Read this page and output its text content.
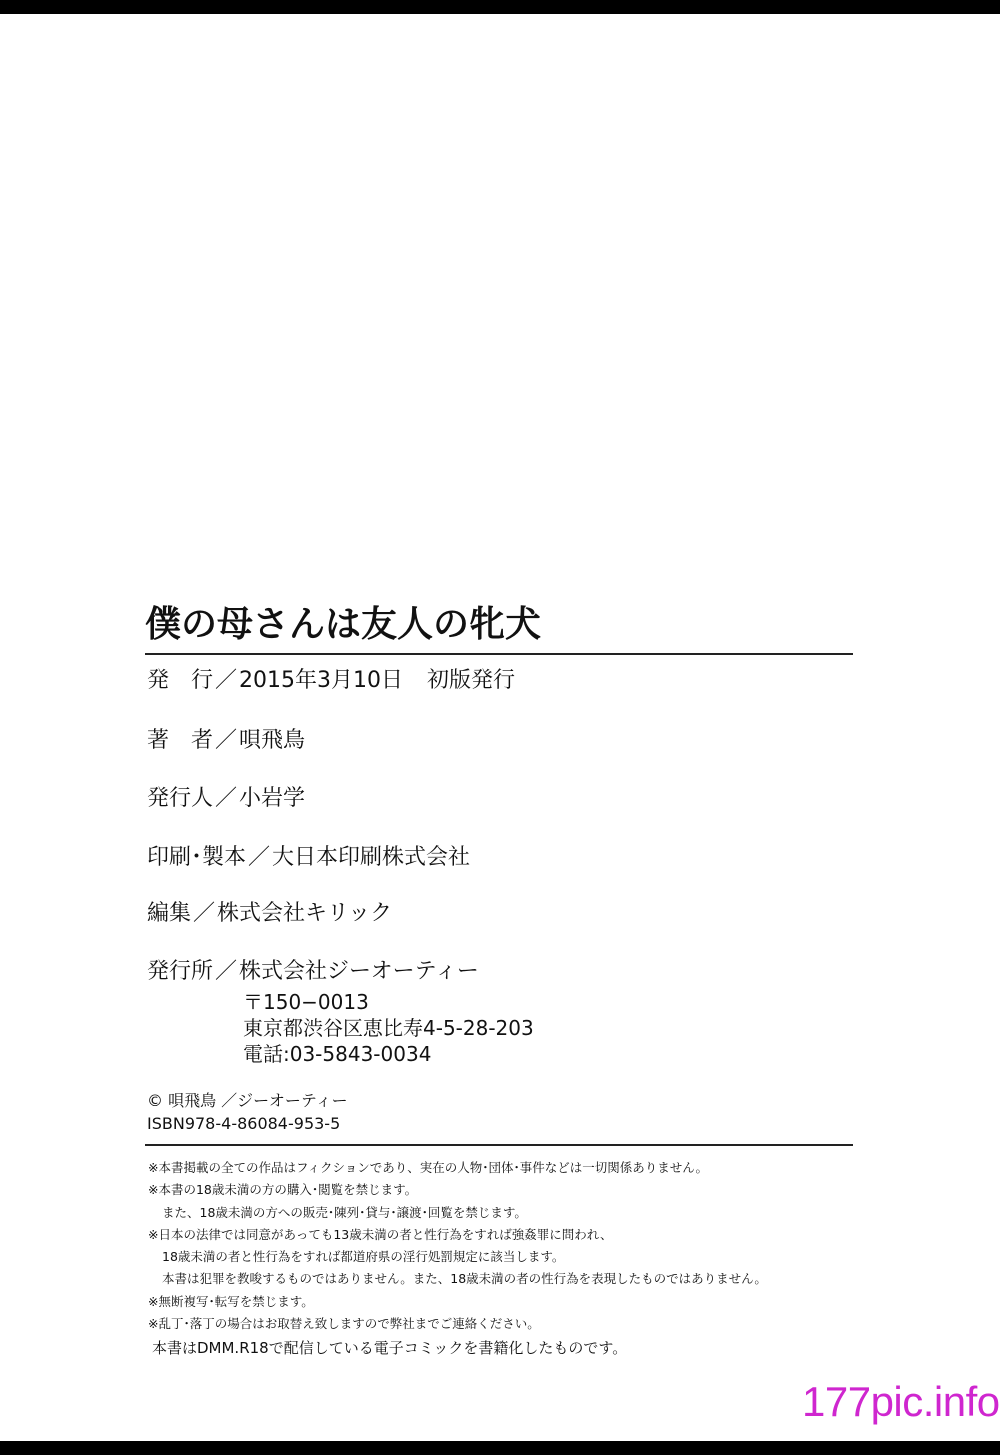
僕の母さんは友人の牝犬
発　行／2015年3月10日 初版発行
著　者／唄飛鳥
発行人／小岩学
印刷･製本／大日本印刷株式会社
編集／株式会社キリック
発行所／株式会社ジーオーティー
〒150−0013
東京都渋谷区恵比寿4-5-28-203
電話:03-5843-0034
© 唄飛鳥 ／ジーオーティー
ISBN978-4-86084-953-5
※本書掲載の全ての作品はフィクションであり、実在の人物･団体･事件などは一切関係ありません。
※本書の18歳未満の方の購入･閲覧を禁じます。
また、18歳未満の方への販売･陳列･貸与･譲渡･回覧を禁じます。
※日本の法律では同意があっても13歳未満の者と性行為をすれば強姦罪に問われ、
18歳未満の者と性行為をすれば都道府県の淫行処罰規定に該当します。
本書は犯罪を教唆するものではありません。また、18歳未満の者の性行為を表現したものではありません。
※無断複写･転写を禁じます。
※乱丁･落丁の場合はお取替え致しますので弊社までご連絡ください。
本書はDMM.R18で配信している電子コミックを書籍化したものです。
177pic.info
